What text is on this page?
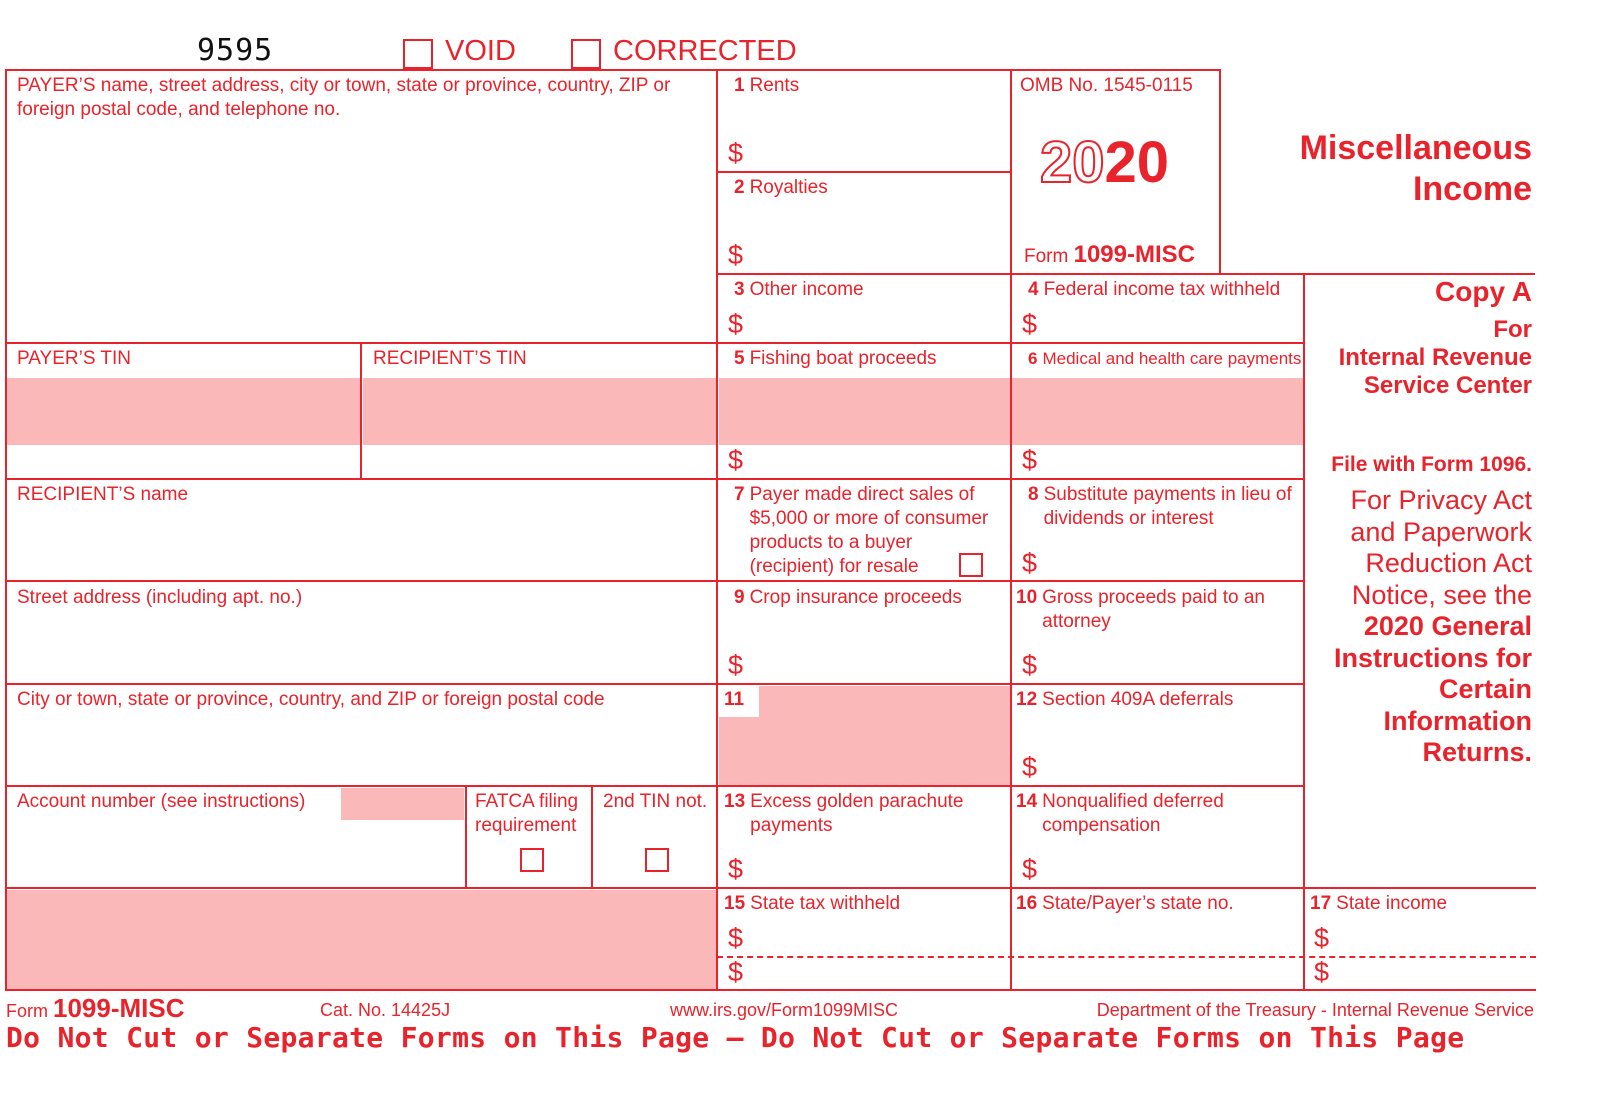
9595	VOID	CORRECTED
PAYER’S name, street address, city or town, state or province, country, ZIP or foreign postal code, and telephone no.
PAYER’S TIN	RECIPIENT’S TIN
RECIPIENT’S name
Street address (including apt. no.)
City or town, state or province, country, and ZIP or foreign postal code
Account number (see instructions)	FATCA filing requirement
2nd TIN not.
OMB No. 1545-0115
2020
Form 1099-MISC
Miscellaneous
Income
1 Rents
$
2 Royalties
$
3 Other income
$
4 Federal income tax withheld
$
5 Fishing boat proceeds
$
6 Medical and health care payments
$
7 Payer made direct sales of $5,000 or more of consumer products to a buyer (recipient) for resale
8 Substitute payments in lieu of dividends or interest
$
9 Crop insurance proceeds
$
10 Gross proceeds paid to an attorney
$
11	12 Section 409A deferrals
$
13 Excess golden parachute payments
$
14 Nonqualified deferred compensation
$
15 State tax withheld
$
$
16 State/Payer’s state no.	17 State income
$
$
Copy A
For
Internal Revenue Service Center
File with Form 1096.
For Privacy Act and Paperwork Reduction Act Notice, see the
2020 General Instructions for Certain Information Returns.
Form 1099-MISC	Cat. No. 14425J	www.irs.gov/Form1099MISC	Department of the Treasury - Internal Revenue Service
Do Not Cut or Separate Forms on This Page — Do Not Cut or Separate Forms on This Page
